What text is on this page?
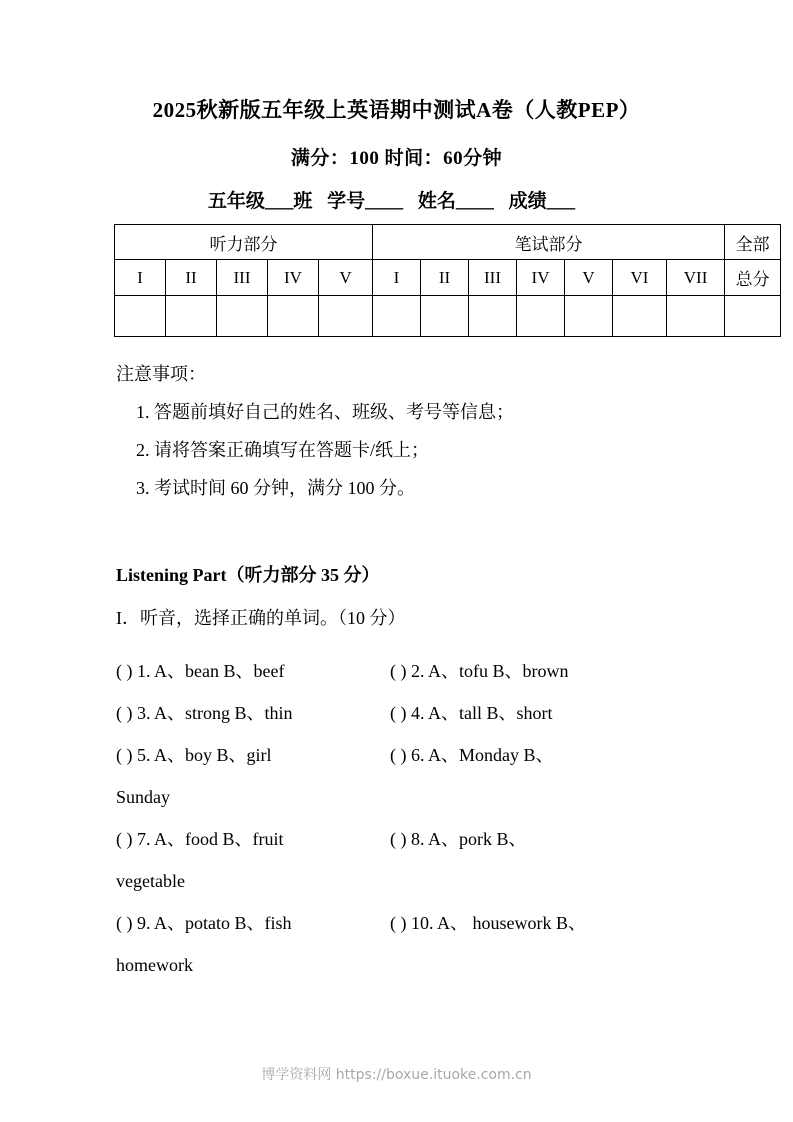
2025秋新版五年级上英语期中测试A卷（人教PEP）
满分：100 时间：60分钟
五年级___班 学号____ 姓名____ 成绩___
听力部分					笔试部分							全部
I	II	III	IV	V	I	II	III	IV	V	VI	VII	总分

注意事项：
1. 答题前填好自己的姓名、班级、考号等信息；
2. 请将答案正确填写在答题卡/纸上；
3. 考试时间 60 分钟，满分 100 分。
Listening Part（听力部分 35 分）
I．听音，选择正确的单词。（10 分）
( ) 1. A、bean B、beef	( ) 2. A、tofu B、brown
( ) 3. A、strong B、thin	( ) 4. A、tall B、short
( ) 5. A、boy B、girl	( ) 6. A、Monday B、
Sunday
( ) 7. A、food B、fruit	( ) 8. A、pork B、
vegetable
( ) 9. A、potato B、fish	( ) 10. A、 housework B、
homework
博学资料网 https://boxue.ituoke.com.cn
